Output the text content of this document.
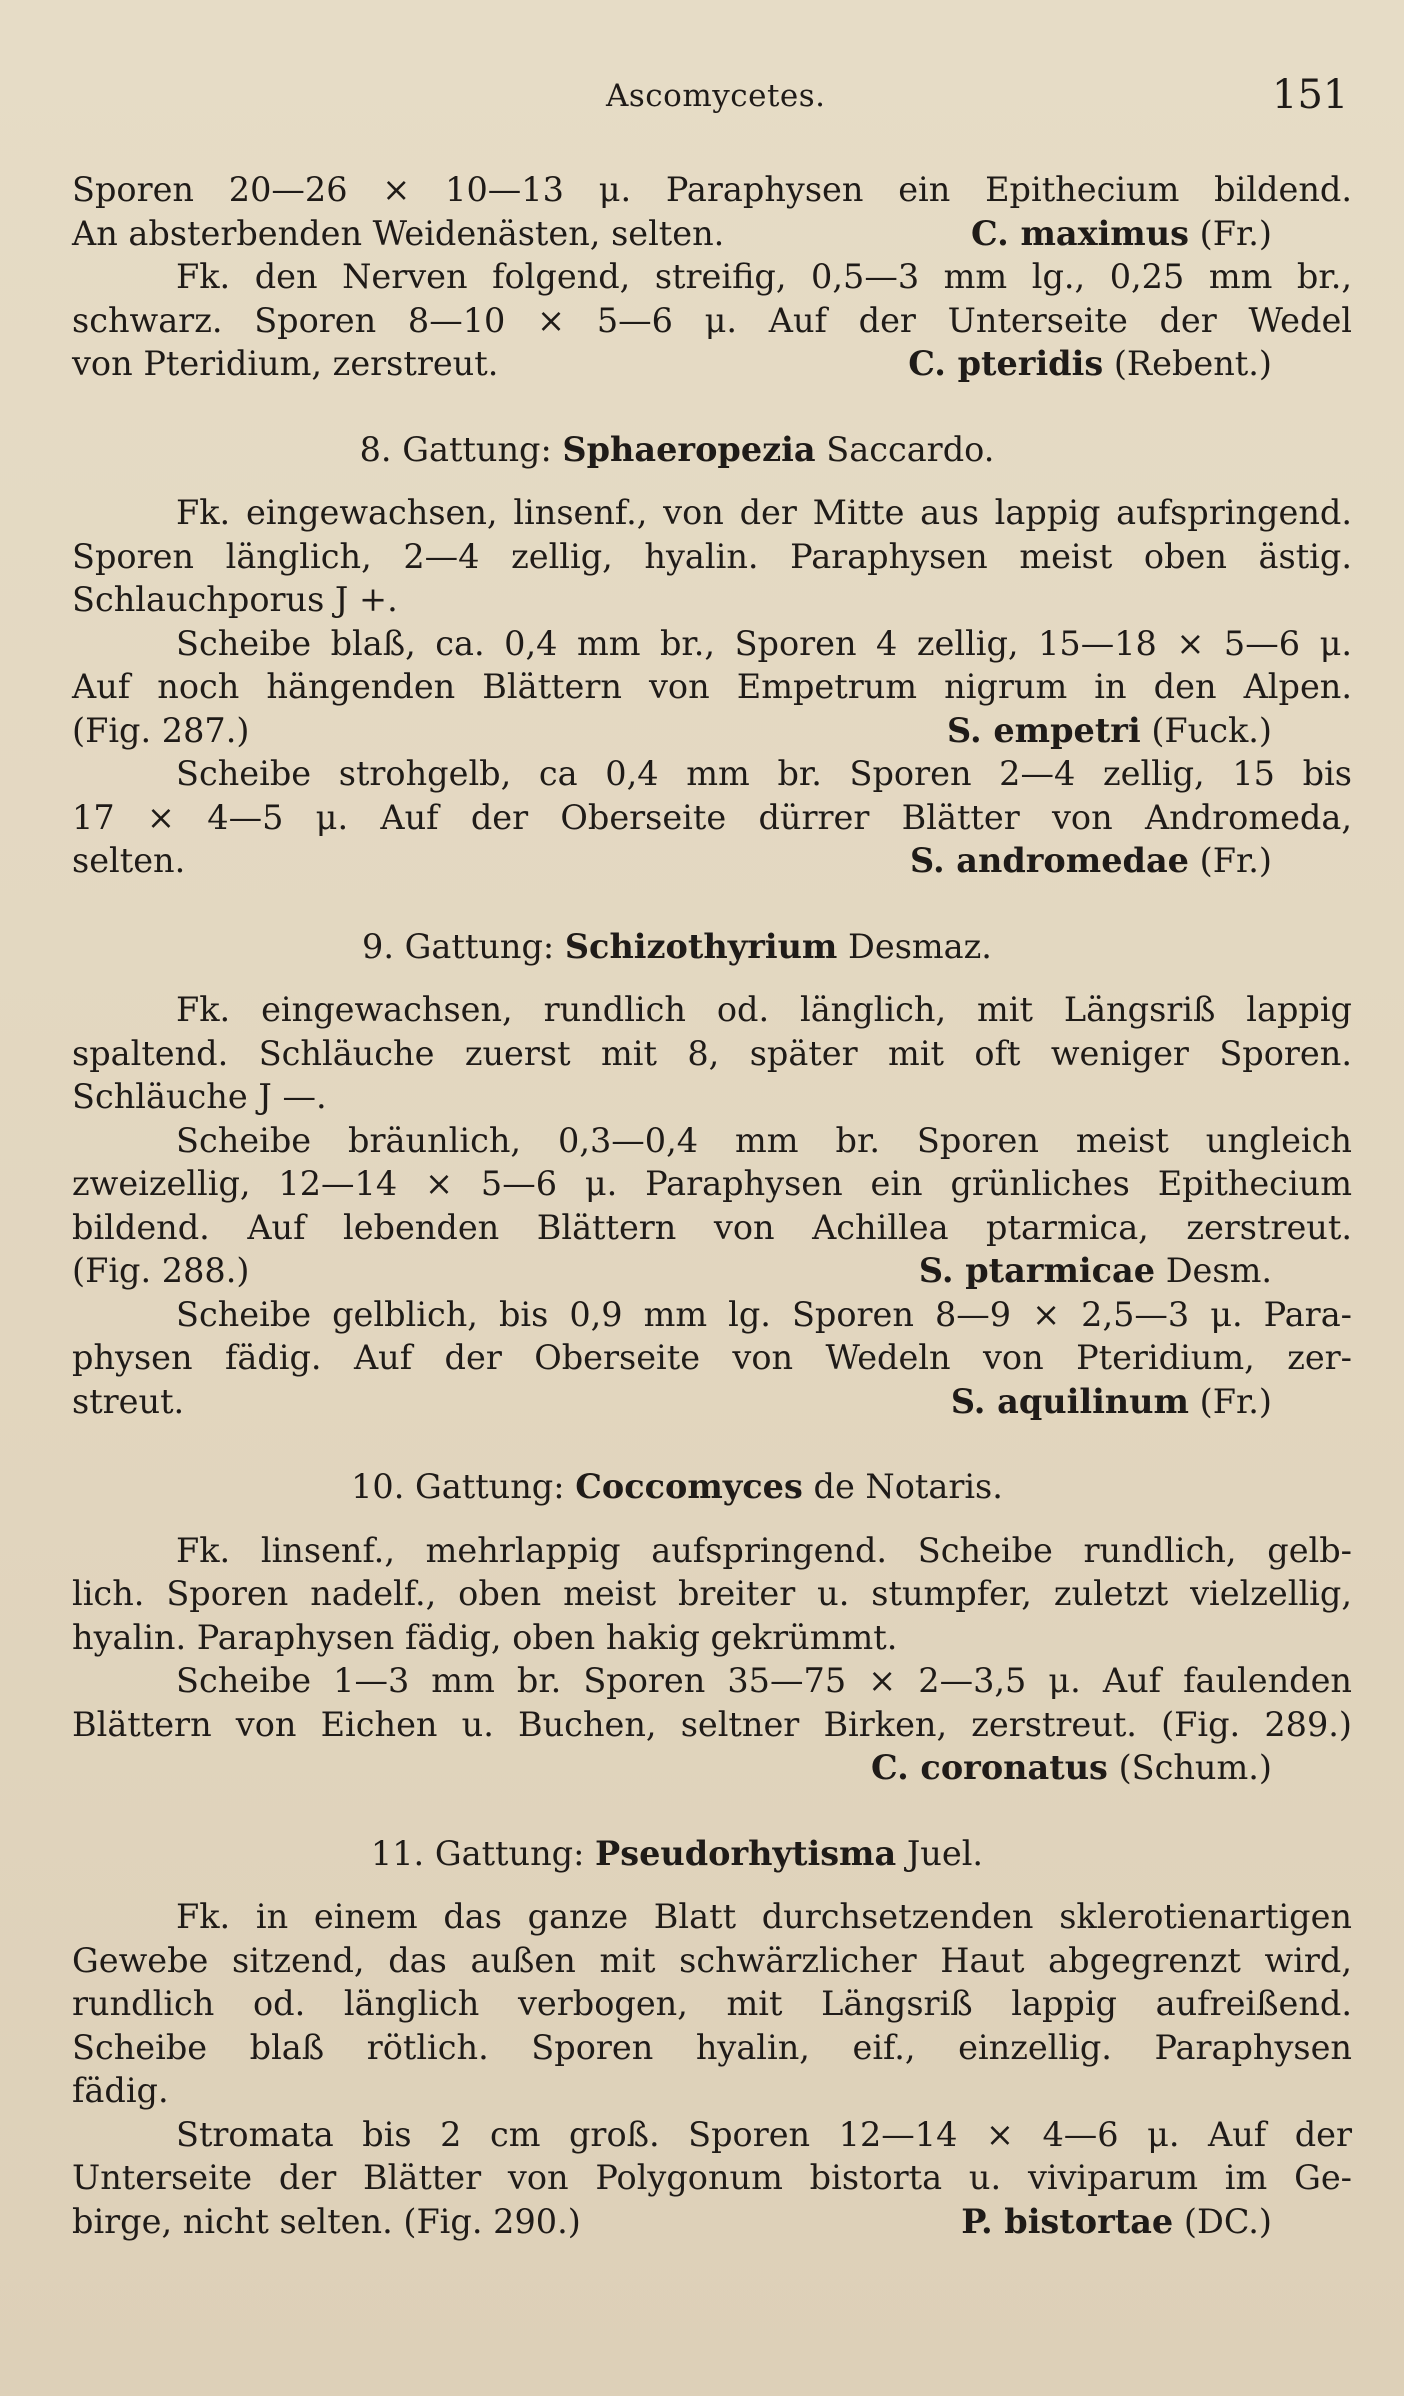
Ascomycetes.	151
Sporen 20—26 × 10—13 μ. Paraphysen ein Epithecium bildend.
An absterbenden Weidenästen, selten.	C. maximus (Fr.)
Fk. den Nerven folgend, streifig, 0,5—3 mm lg., 0,25 mm br.,
schwarz. Sporen 8—10 × 5—6 μ. Auf der Unterseite der Wedel
von Pteridium, zerstreut.	C. pteridis (Rebent.)
8. Gattung: Sphaeropezia Saccardo.
Fk. eingewachsen, linsenf., von der Mitte aus lappig aufspringend.
Sporen länglich, 2—4 zellig, hyalin. Paraphysen meist oben ästig.
Schlauchporus J +.
Scheibe blaß, ca. 0,4 mm br., Sporen 4 zellig, 15—18 × 5—6 μ.
Auf noch hängenden Blättern von Empetrum nigrum in den Alpen.
(Fig. 287.)	S. empetri (Fuck.)
Scheibe strohgelb, ca 0,4 mm br. Sporen 2—4 zellig, 15 bis
17 × 4—5 μ. Auf der Oberseite dürrer Blätter von Andromeda,
selten.	S. andromedae (Fr.)
9. Gattung: Schizothyrium Desmaz.
Fk. eingewachsen, rundlich od. länglich, mit Längsriß lappig
spaltend. Schläuche zuerst mit 8, später mit oft weniger Sporen.
Schläuche J —.
Scheibe bräunlich, 0,3—0,4 mm br. Sporen meist ungleich
zweizellig, 12—14 × 5—6 μ. Paraphysen ein grünliches Epithecium
bildend. Auf lebenden Blättern von Achillea ptarmica, zerstreut.
(Fig. 288.)	S. ptarmicae Desm.
Scheibe gelblich, bis 0,9 mm lg. Sporen 8—9 × 2,5—3 μ. Para-
physen fädig. Auf der Oberseite von Wedeln von Pteridium, zer-
streut.	S. aquilinum (Fr.)
10. Gattung: Coccomyces de Notaris.
Fk. linsenf., mehrlappig aufspringend. Scheibe rundlich, gelb-
lich. Sporen nadelf., oben meist breiter u. stumpfer, zuletzt vielzellig,
hyalin. Paraphysen fädig, oben hakig gekrümmt.
Scheibe 1—3 mm br. Sporen 35—75 × 2—3,5 μ. Auf faulenden
Blättern von Eichen u. Buchen, seltner Birken, zerstreut. (Fig. 289.)
C. coronatus (Schum.)
11. Gattung: Pseudorhytisma Juel.
Fk. in einem das ganze Blatt durchsetzenden sklerotienartigen
Gewebe sitzend, das außen mit schwärzlicher Haut abgegrenzt wird,
rundlich od. länglich verbogen, mit Längsriß lappig aufreißend.
Scheibe blaß rötlich. Sporen hyalin, eif., einzellig. Paraphysen
fädig.
Stromata bis 2 cm groß. Sporen 12—14 × 4—6 μ. Auf der
Unterseite der Blätter von Polygonum bistorta u. viviparum im Ge-
birge, nicht selten. (Fig. 290.)	P. bistortae (DC.)
